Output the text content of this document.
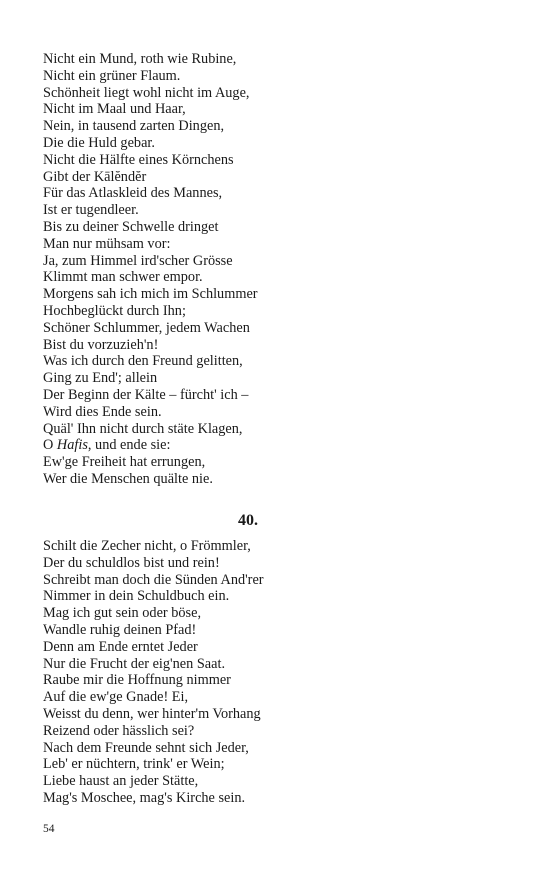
Nicht ein Mund, roth wie Rubine,
Nicht ein grüner Flaum.
Schönheit liegt wohl nicht im Auge,
Nicht im Maal und Haar,
Nein, in tausend zarten Dingen,
Die die Huld gebar.
Nicht die Hälfte eines Körnchens
Gibt der Kālĕndĕr
Für das Atlaskleid des Mannes,
Ist er tugendleer.
Bis zu deiner Schwelle dringet
Man nur mühsam vor:
Ja, zum Himmel ird'scher Grösse
Klimmt man schwer empor.
Morgens sah ich mich im Schlummer
Hochbeglückt durch Ihn;
Schöner Schlummer, jedem Wachen
Bist du vorzuzieh'n!
Was ich durch den Freund gelitten,
Ging zu End'; allein
Der Beginn der Kälte – fürcht' ich –
Wird dies Ende sein.
Quäl' Ihn nicht durch stäte Klagen,
O Hafis, und ende sie:
Ew'ge Freiheit hat errungen,
Wer die Menschen quälte nie.
40.
Schilt die Zecher nicht, o Frömmler,
Der du schuldlos bist und rein!
Schreibt man doch die Sünden And'rer
Nimmer in dein Schuldbuch ein.
Mag ich gut sein oder böse,
Wandle ruhig deinen Pfad!
Denn am Ende erntet Jeder
Nur die Frucht der eig'nen Saat.
Raube mir die Hoffnung nimmer
Auf die ew'ge Gnade! Ei,
Weisst du denn, wer hinter'm Vorhang
Reizend oder hässlich sei?
Nach dem Freunde sehnt sich Jeder,
Leb' er nüchtern, trink' er Wein;
Liebe haust an jeder Stätte,
Mag's Moschee, mag's Kirche sein.
54
